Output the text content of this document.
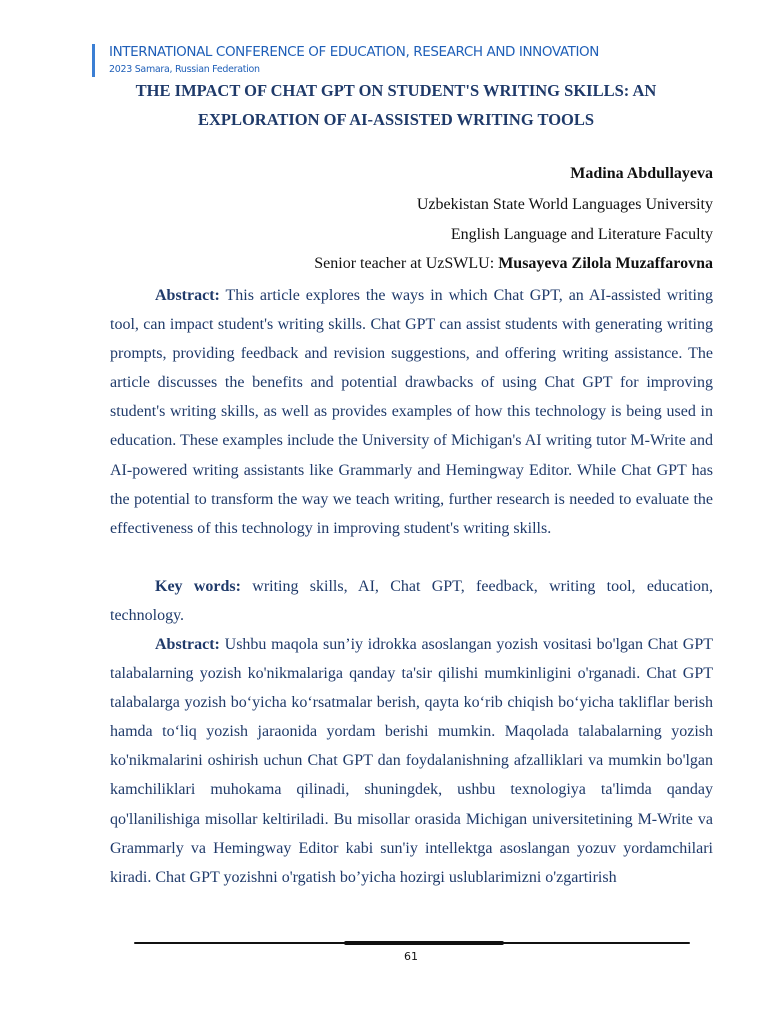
INTERNATIONAL CONFERENCE OF EDUCATION, RESEARCH AND INNOVATION
2023 Samara, Russian Federation
THE IMPACT OF CHAT GPT ON STUDENT'S WRITING SKILLS: AN
EXPLORATION OF AI-ASSISTED WRITING TOOLS
Madina Abdullayeva
Uzbekistan State World Languages University
English Language and Literature Faculty
Senior teacher at UzSWLU: Musayeva Zilola Muzaffarovna
Abstract: This article explores the ways in which Chat GPT, an AI-assisted writing tool, can impact student's writing skills. Chat GPT can assist students with generating writing prompts, providing feedback and revision suggestions, and offering writing assistance. The article discusses the benefits and potential drawbacks of using Chat GPT for improving student's writing skills, as well as provides examples of how this technology is being used in education. These examples include the University of Michigan's AI writing tutor M-Write and AI-powered writing assistants like Grammarly and Hemingway Editor. While Chat GPT has the potential to transform the way we teach writing, further research is needed to evaluate the effectiveness of this technology in improving student's writing skills.
Key words: writing skills, AI, Chat GPT, feedback, writing tool, education, technology.
Abstract: Ushbu maqola sun’iy idrokka asoslangan yozish vositasi bo'lgan Chat GPT talabalarning yozish ko'nikmalariga qanday ta'sir qilishi mumkinligini o'rganadi. Chat GPT talabalarga yozish bo‘yicha ko‘rsatmalar berish, qayta ko‘rib chiqish bo‘yicha takliflar berish hamda to‘liq yozish jaraonida yordam berishi mumkin. Maqolada talabalarning yozish ko'nikmalarini oshirish uchun Chat GPT dan foydalanishning afzalliklari va mumkin bo'lgan kamchiliklari muhokama qilinadi, shuningdek, ushbu texnologiya ta'limda qanday qo'llanilishiga misollar keltiriladi. Bu misollar orasida Michigan universitetining M-Write va Grammarly va Hemingway Editor kabi sun'iy intellektga asoslangan yozuv yordamchilari kiradi. Chat GPT yozishni o'rgatish bo’yicha hozirgi uslublarimizni o'zgartirish
61
